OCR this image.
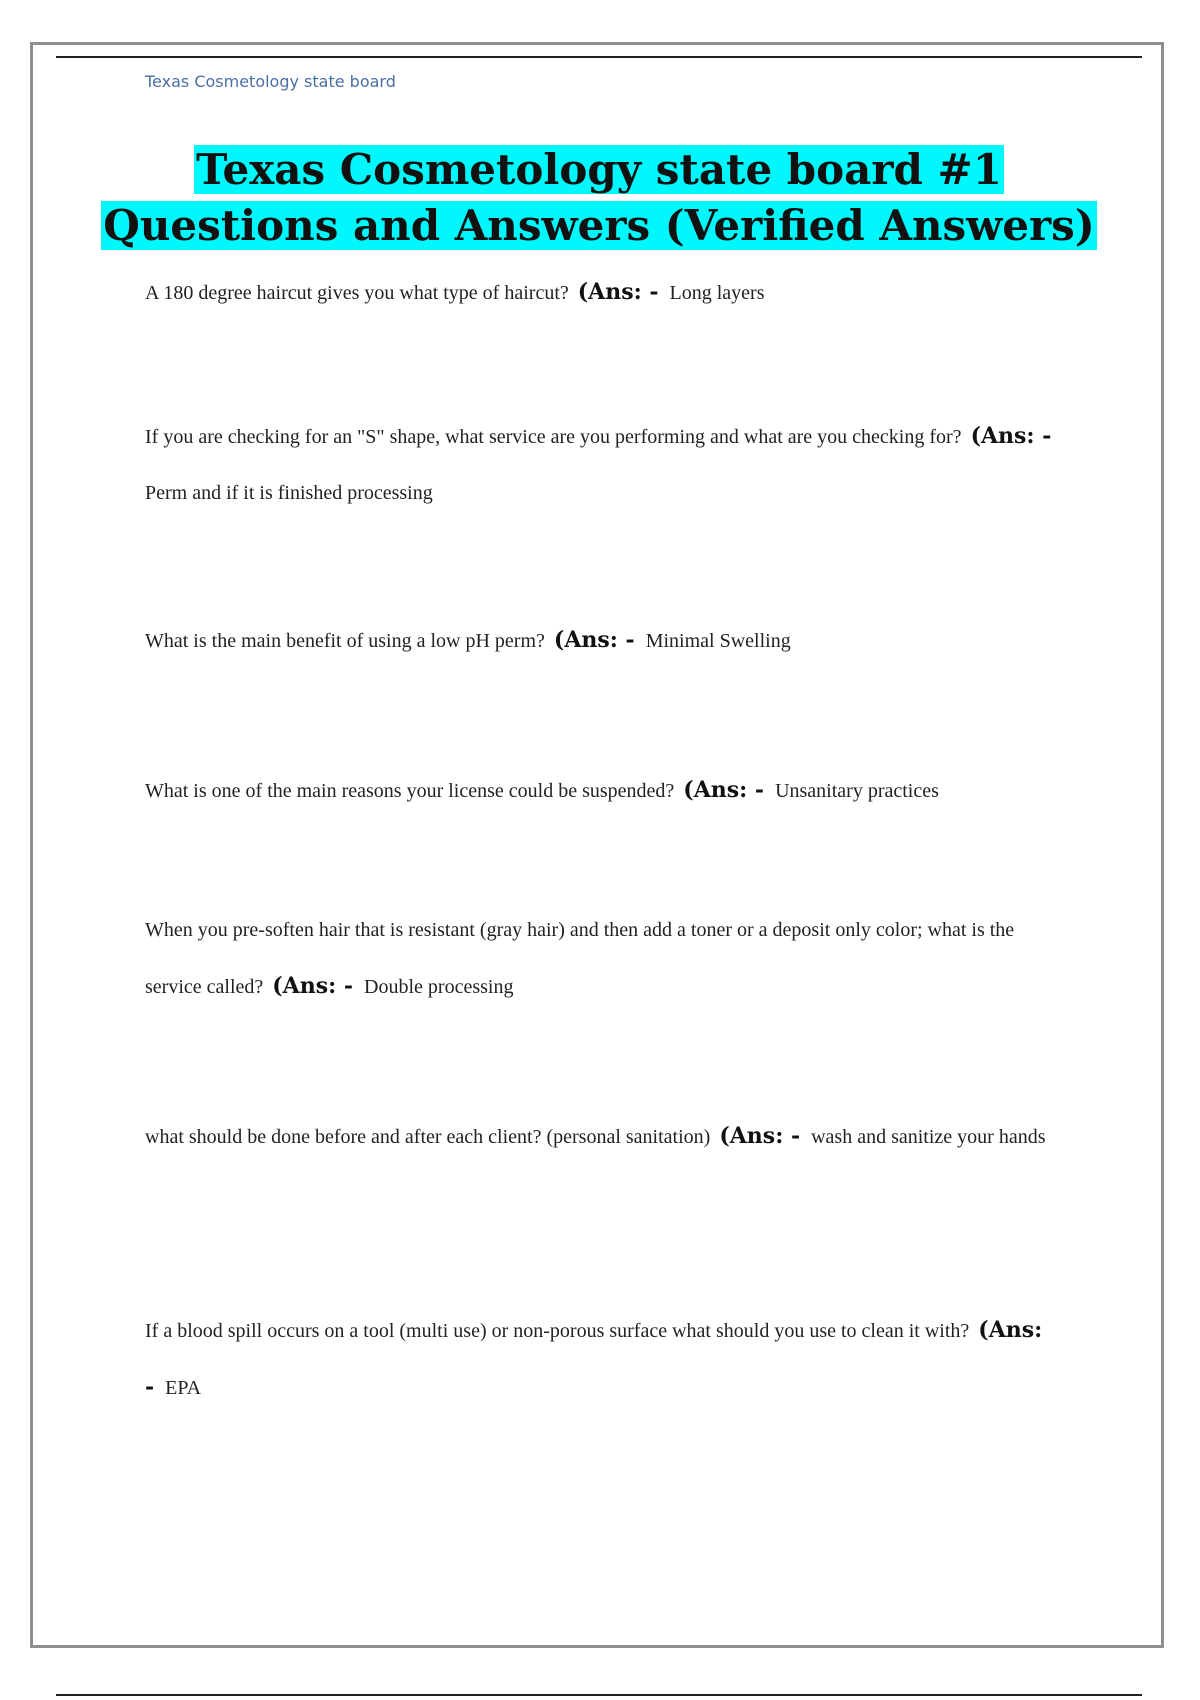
Texas Cosmetology state board
Texas Cosmetology state board #1
Questions and Answers (Verified Answers)

A 180 degree haircut gives you what type of haircut? (Ans: - Long layers

If you are checking for an "S" shape, what service are you performing and what are you checking for? (Ans: - Perm and if it is finished processing

What is the main benefit of using a low pH perm? (Ans: - Minimal Swelling

What is one of the main reasons your license could be suspended? (Ans: - Unsanitary practices

When you pre-soften hair that is resistant (gray hair) and then add a toner or a deposit only color; what is the service called? (Ans: - Double processing

what should be done before and after each client? (personal sanitation) (Ans: - wash and sanitize your hands

If a blood spill occurs on a tool (multi use) or non-porous surface what should you use to clean it with? (Ans: - EPA
